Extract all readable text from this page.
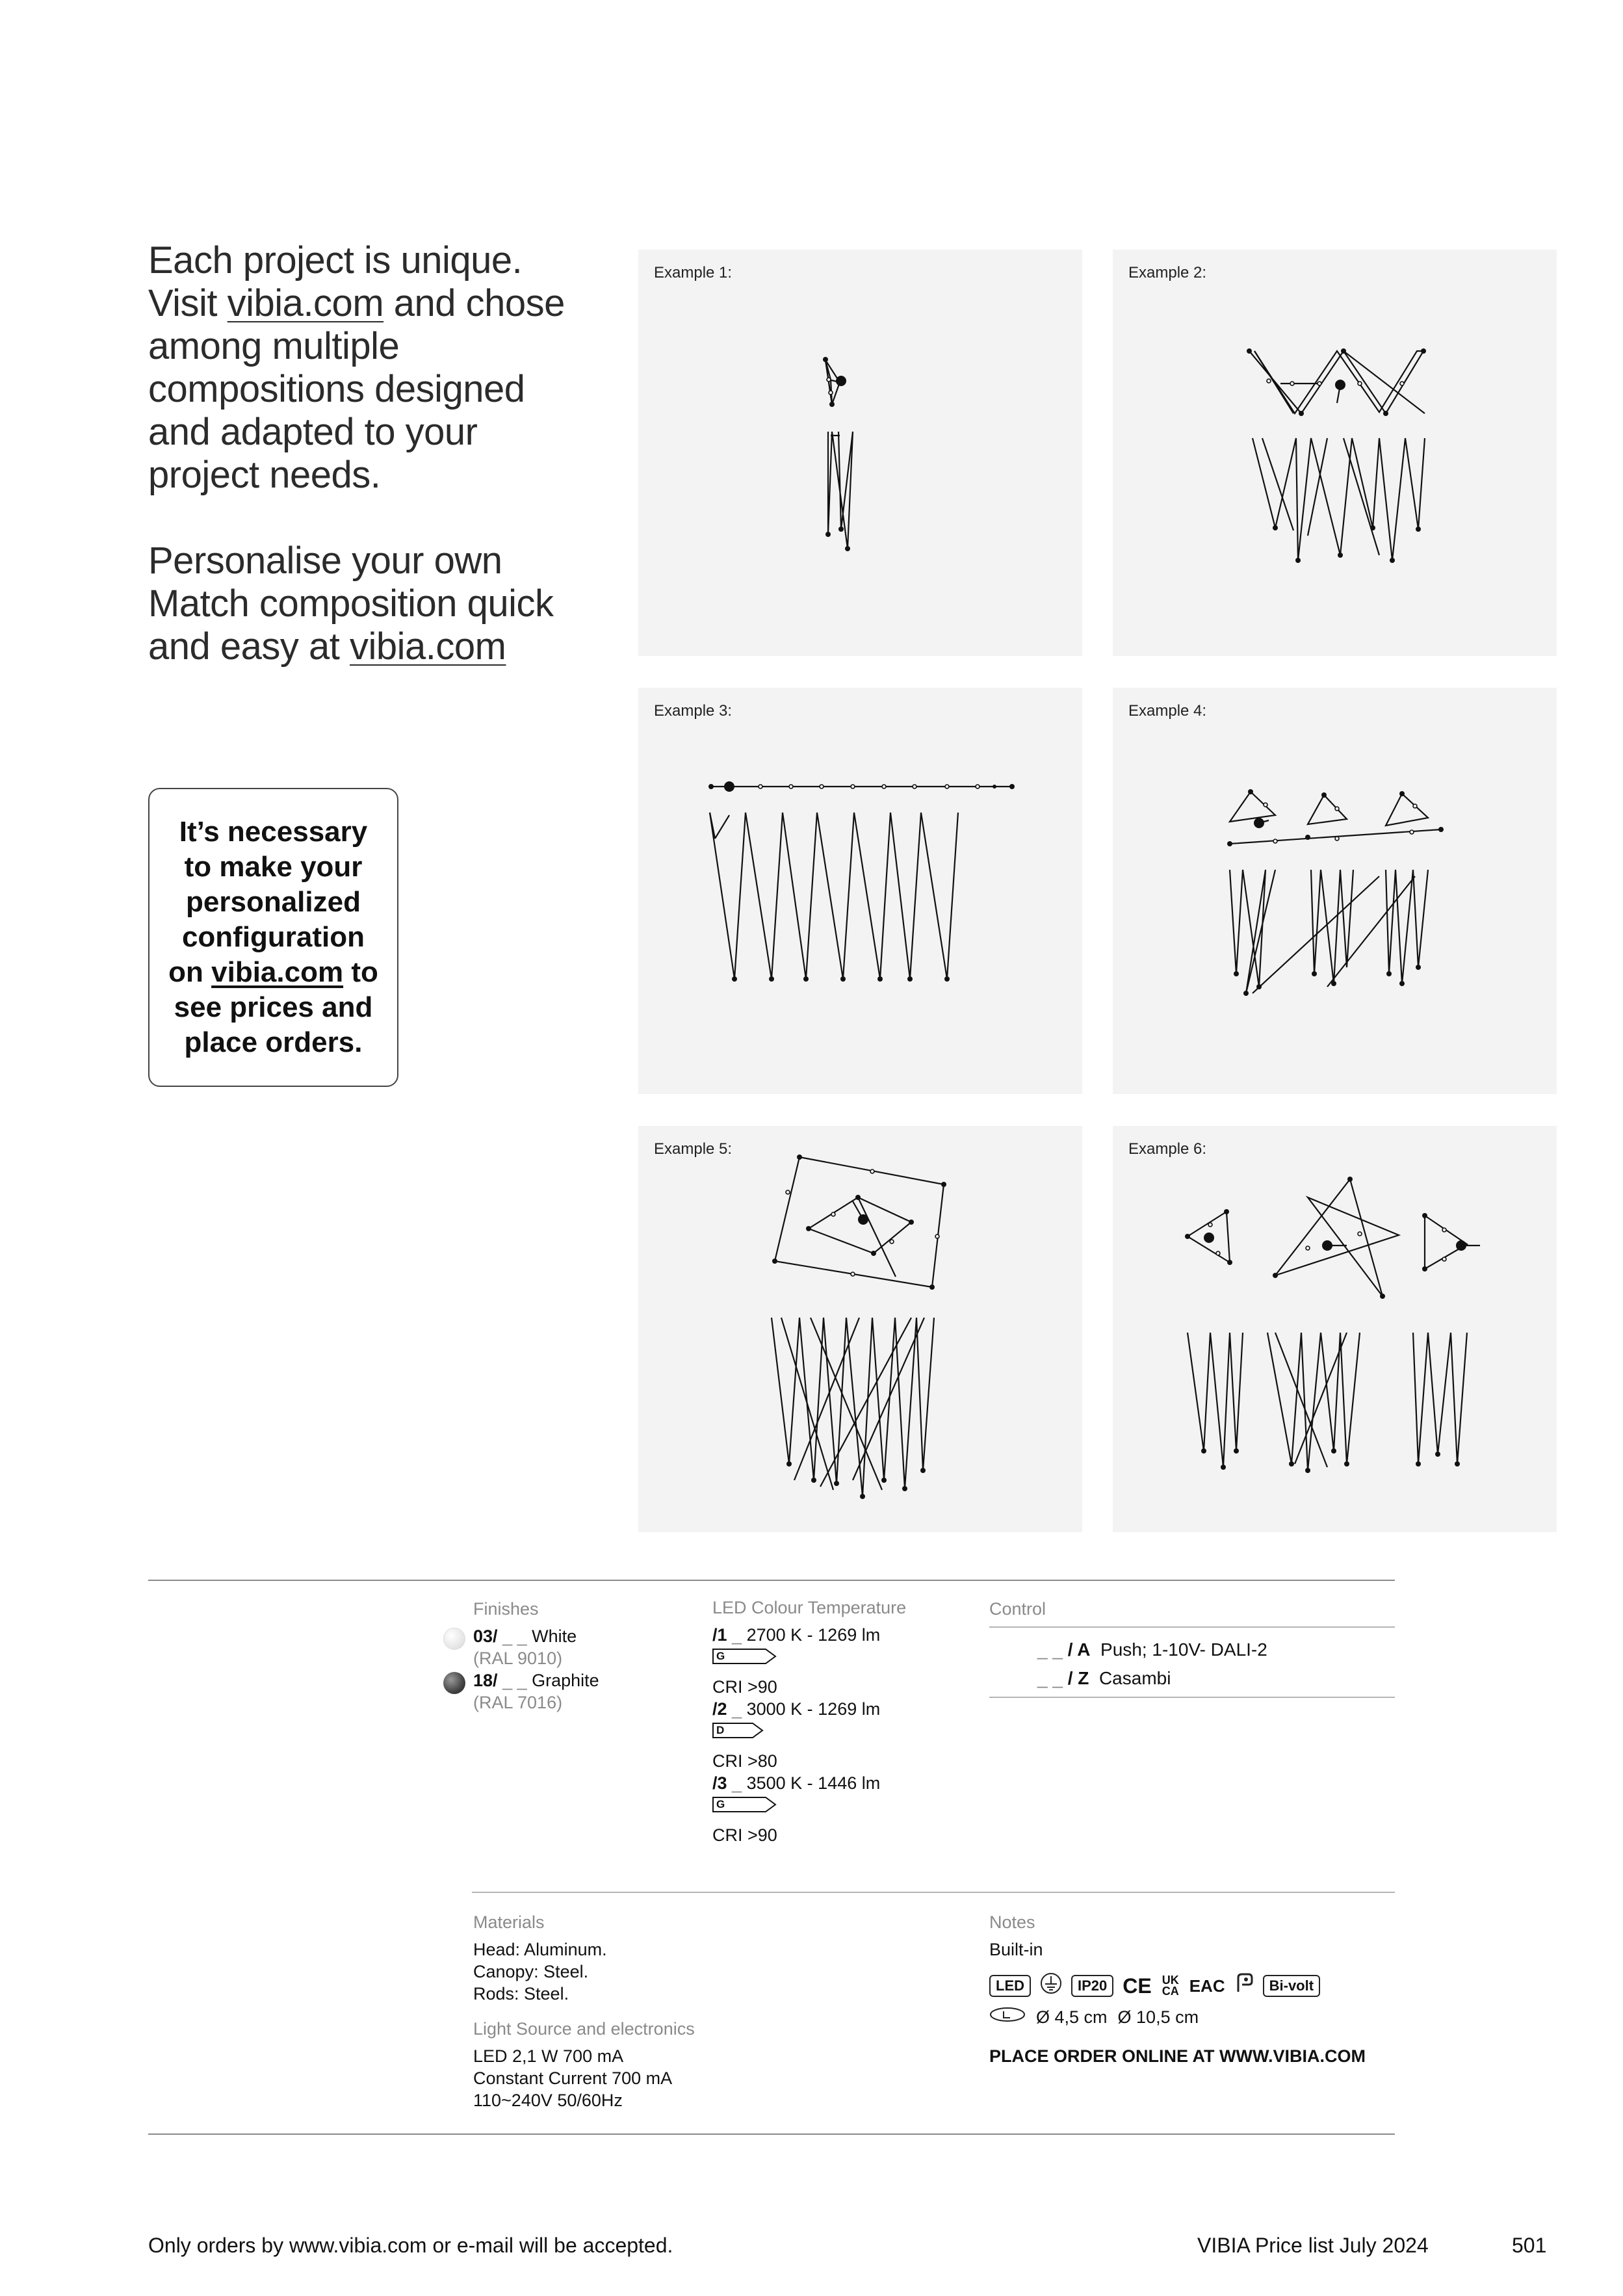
Each project is unique.
Visit vibia.com and chose among multiple compositions designed and adapted to your project needs.

Personalise your own Match composition quick and easy at vibia.com

It’s necessary to make your personalized configuration on vibia.com to see prices and place orders.
Example 1:	Example 2:
Example 3:	Example 4:
Example 5:	Example 6:
Finishes
03/ _ _ White
(RAL 9010)
18/ _ _ Graphite
(RAL 7016)
LED Colour Temperature
/1 _ 2700 K - 1269 lm
G
CRI >90
/2 _ 3000 K - 1269 lm
D
CRI >80
/3 _ 3500 K - 1446 lm
G
CRI >90
Control
_ _ / A Push; 1-10V- DALI-2
_ _ / Z Casambi
Materials
Head: Aluminum.
Canopy: Steel.
Rods: Steel.
Light Source and electronics
LED 2,1 W 700 mA
Constant Current 700 mA
110~240V 50/60Hz
Notes
Built-in
LED	IP20 CE UK CA EAC	Bi-volt
Ø 4,5 cm Ø 10,5 cm
PLACE ORDER ONLINE AT WWW.VIBIA.COM
Only orders by www.vibia.com or e-mail will be accepted.	VIBIA Price list July 2024	501
